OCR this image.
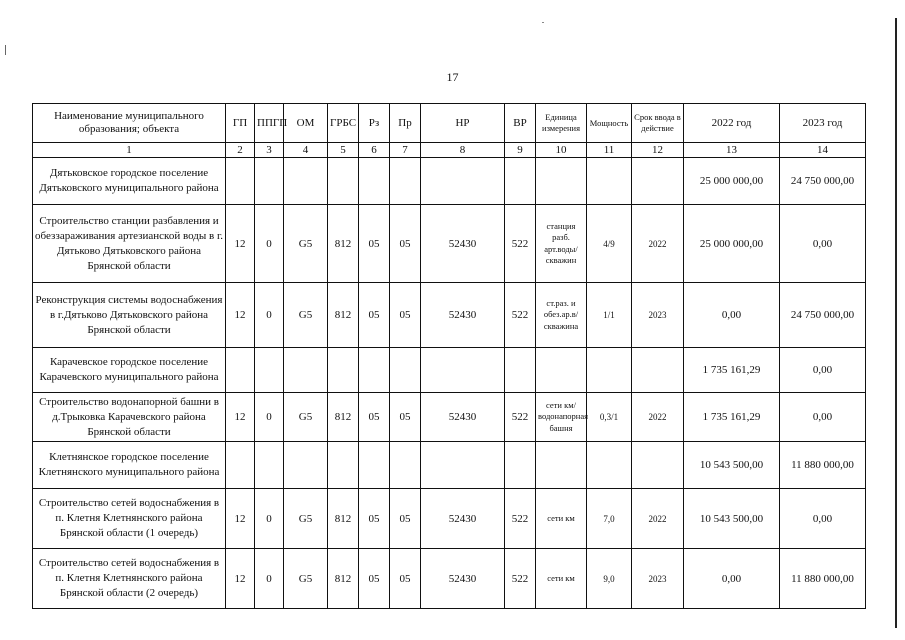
17
Наименование муниципального образования; объекта	ГП	ППГП	ОМ	ГРБС	Рз	Пр	НР	ВР	Единица измерения	Мощность	Срок ввода в действие	2022 год	2023 год
1	2	3	4	5	6	7	8	9	10	11	12	13	14
Дятьковское городское поселение Дятьковского муниципального района												25 000 000,00	24 750 000,00
Строительство станции разбавления и обеззараживания артезианской воды в г. Дятьково Дятьковского района Брянской области	12	0	G5	812	05	05	52430	522	станция разб. арт.воды/скважин	4/9	2022	25 000 000,00	0,00
Реконструкция системы водоснабжения в г.Дятьково Дятьковского района Брянской области	12	0	G5	812	05	05	52430	522	ст.раз. и обез.ар.в/скважина	1/1	2023	0,00	24 750 000,00
Карачевское городское поселение Карачевского муниципального района												1 735 161,29	0,00
Строительство водонапорной башни в д.Трыковка Карачевского района Брянской области	12	0	G5	812	05	05	52430	522	сети км/водонапорная башня	0,3/1	2022	1 735 161,29	0,00
Клетнянское городское поселение Клетнянского муниципального района												10 543 500,00	11 880 000,00
Строительство сетей водоснабжения в п. Клетня Клетнянского района Брянской области (1 очередь)	12	0	G5	812	05	05	52430	522	сети км	7,0	2022	10 543 500,00	0,00
Строительство сетей водоснабжения в п. Клетня Клетнянского района Брянской области (2 очередь)	12	0	G5	812	05	05	52430	522	сети км	9,0	2023	0,00	11 880 000,00
